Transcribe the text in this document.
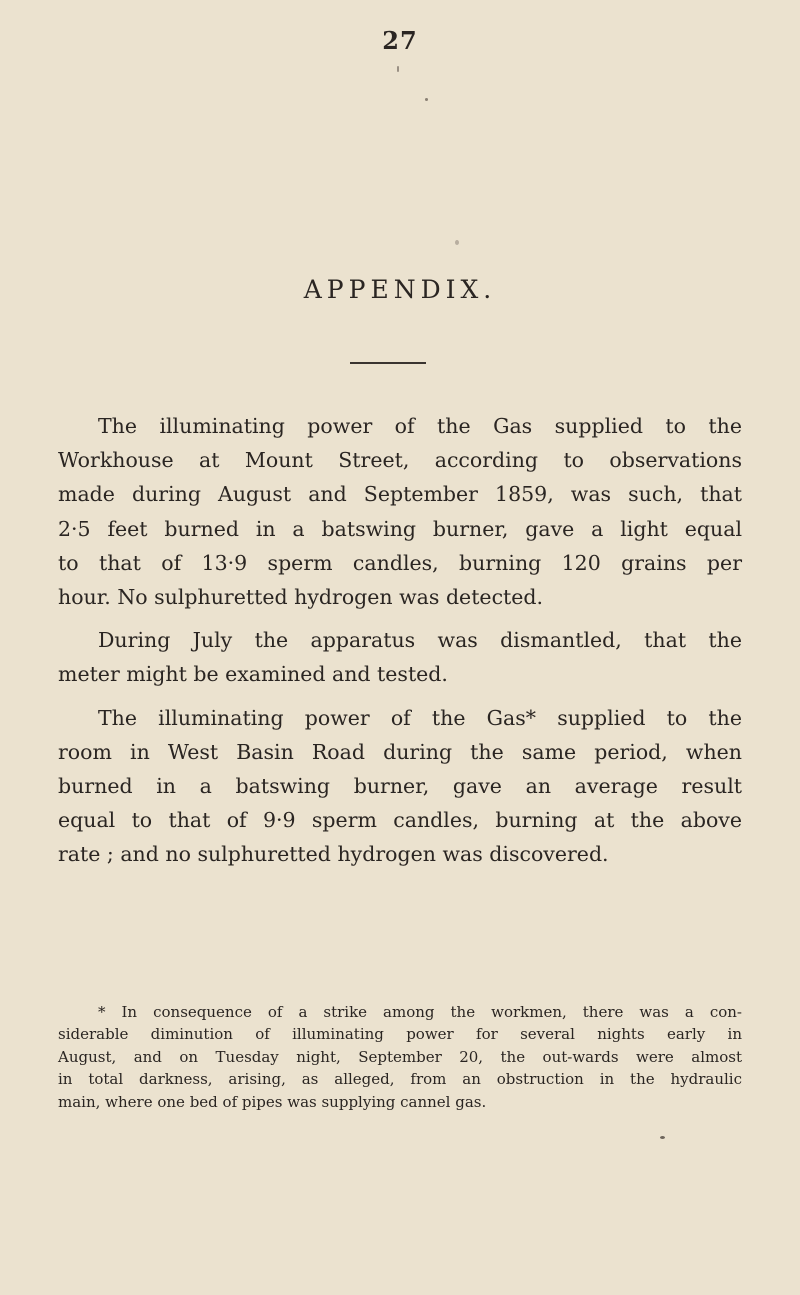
27
APPENDIX.

The illuminating power of the Gas supplied to the
Workhouse at Mount Street, according to observations
made during August and September 1859, was such, that
2·5 feet burned in a batswing burner, gave a light equal
to that of 13·9 sperm candles, burning 120 grains per
hour. No sulphuretted hydrogen was detected.

During July the apparatus was dismantled, that the
meter might be examined and tested.

The illuminating power of the Gas* supplied to the
room in West Basin Road during the same period, when
burned in a batswing burner, gave an average result
equal to that of 9·9 sperm candles, burning at the above
rate ; and no sulphuretted hydrogen was discovered.

* In consequence of a strike among the workmen, there was a con-
siderable diminution of illuminating power for several nights early in
August, and on Tuesday night, September 20, the out-wards were almost
in total darkness, arising, as alleged, from an obstruction in the hydraulic
main, where one bed of pipes was supplying cannel gas.
